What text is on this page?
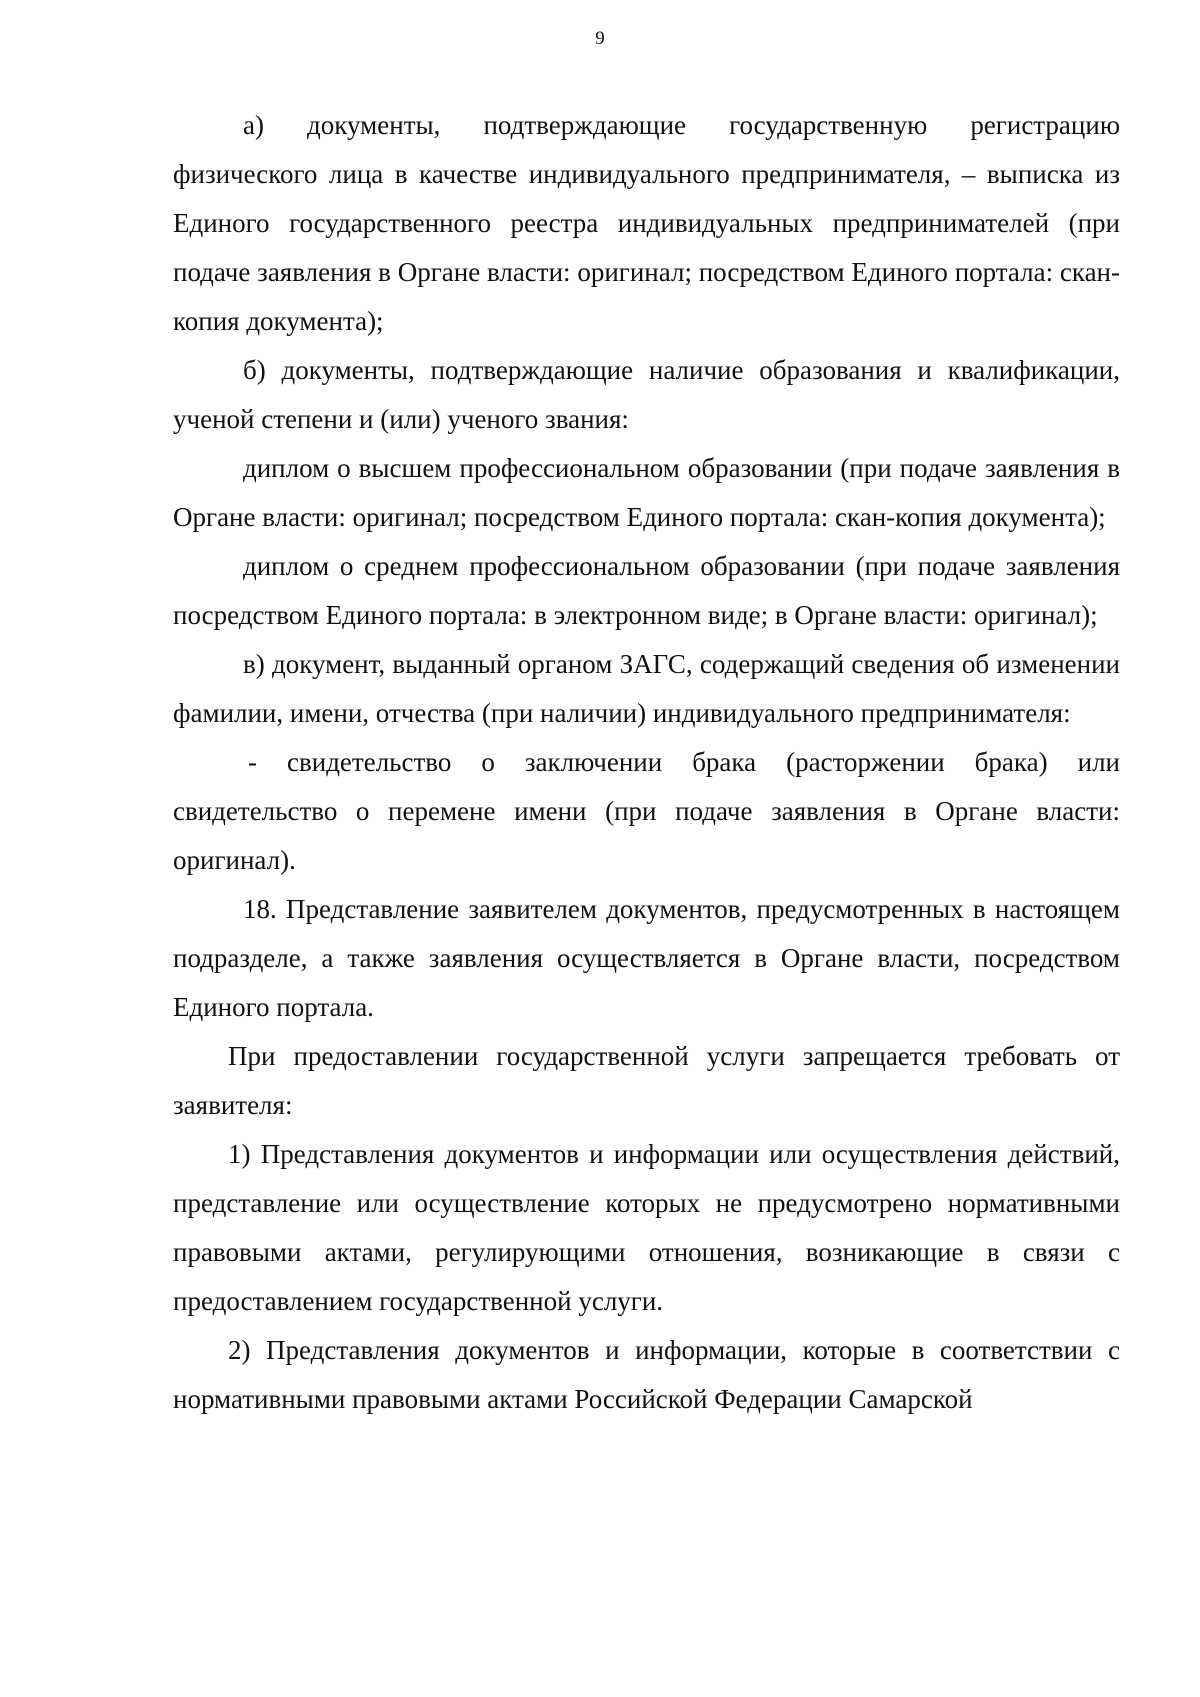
9

а) документы, подтверждающие государственную регистрацию физического лица в качестве индивидуального предпринимателя, – выписка из Единого государственного реестра индивидуальных предпринимателей (при подаче заявления в Органе власти: оригинал; посредством Единого портала: скан-копия документа);

б) документы, подтверждающие наличие образования и квалификации, ученой степени и (или) ученого звания:

диплом о высшем профессиональном образовании (при подаче заявления в Органе власти: оригинал; посредством Единого портала: скан-копия документа);

диплом о среднем профессиональном образовании (при подаче заявления посредством Единого портала: в электронном виде; в Органе власти: оригинал);

в) документ, выданный органом ЗАГС, содержащий сведения об изменении фамилии, имени, отчества (при наличии) индивидуального предпринимателя:

- свидетельство о заключении брака (расторжении брака) или свидетельство о перемене имени (при подаче заявления в Органе власти: оригинал).

18. Представление заявителем документов, предусмотренных в настоящем подразделе, а также заявления осуществляется в Органе власти, посредством Единого портала.

При предоставлении государственной услуги запрещается требовать от заявителя:

1) Представления документов и информации или осуществления действий, представление или осуществление которых не предусмотрено нормативными правовыми актами, регулирующими отношения, возникающие в связи с предоставлением государственной услуги.

2) Представления документов и информации, которые в соответствии с нормативными правовыми актами Российской Федерации Самарской
